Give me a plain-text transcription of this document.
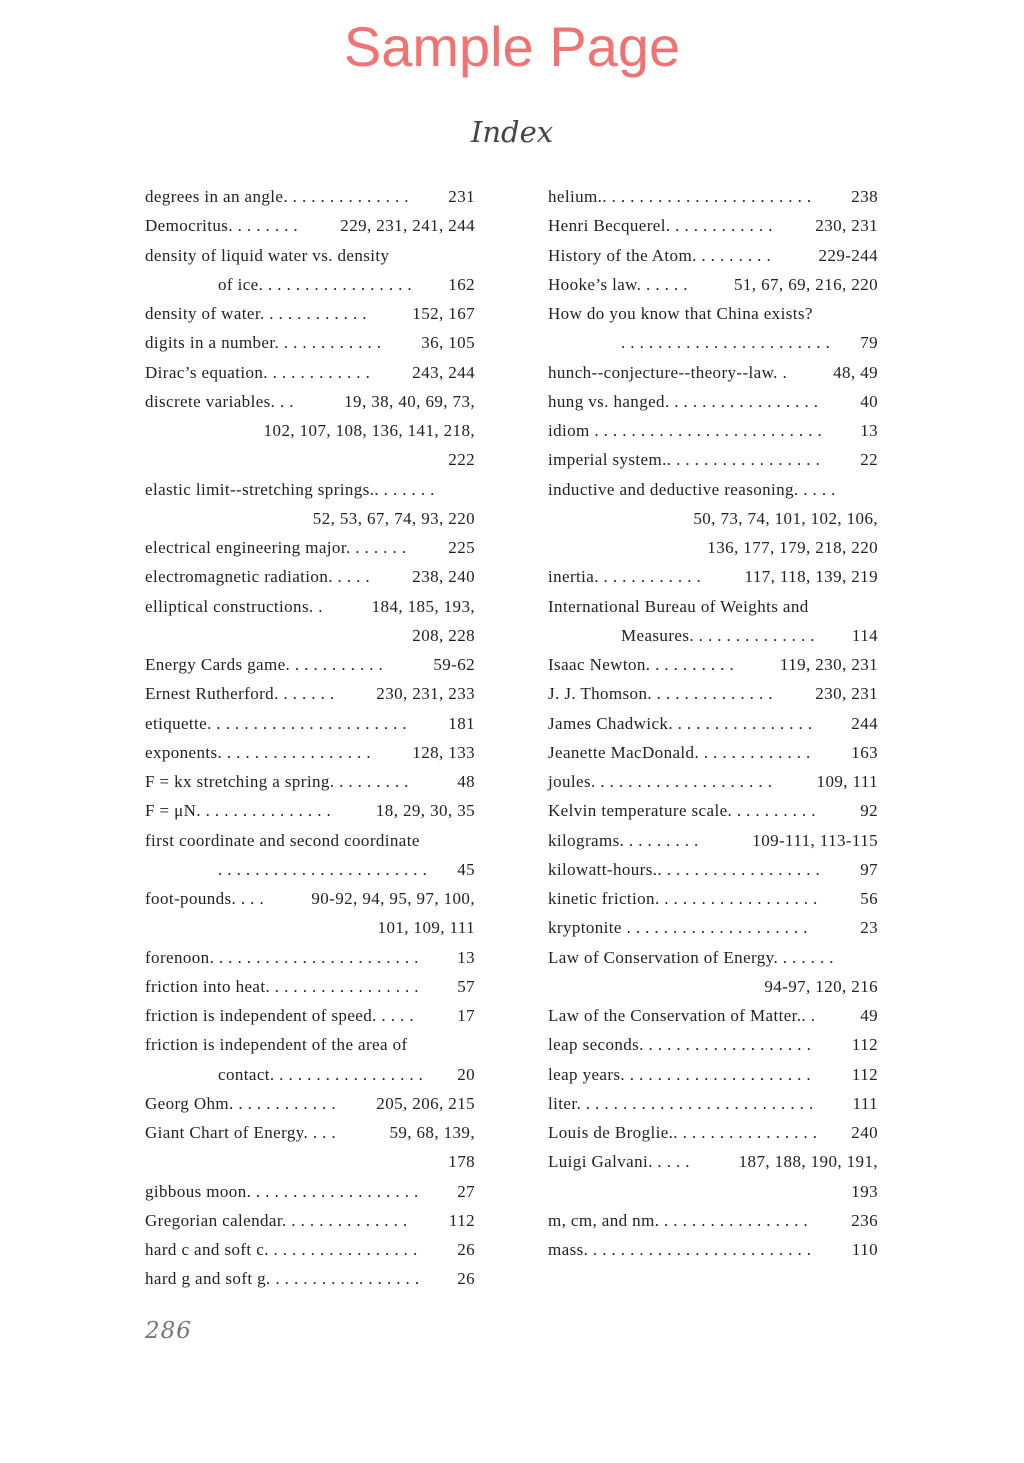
Sample Page
Index
degrees in an angle. . . . . . . . . . . . . . 231
Democritus. . . . . . . . 229, 231, 241, 244
density of liquid water vs. density
of ice. . . . . . . . . . . . . . . . . 162
density of water. . . . . . . . . . . .	152, 167
digits in a number. . . . . . . . . . . . 36, 105
Dirac’s equation. . . . . . . . . . . . 243, 244
discrete variables. . .	19, 38, 40, 69, 73,
102, 107, 108, 136, 141, 218,
222
elastic limit--stretching springs.. . . . . . .
52, 53, 67, 74, 93, 220
electrical engineering major. . . . . . . 225
electromagnetic radiation. . . . . 238, 240
elliptical constructions. .	184, 185, 193,
208, 228
Energy Cards game. . . . . . . . . . .	59-62
Ernest Rutherford. . . . . . . 230, 231, 233
etiquette. . . . . . . . . . . . . . . . . . . . . . 181
exponents. . . . . . . . . . . . . . . . . 128, 133
F = kx stretching a spring. . . . . . . . .	48
F = μN. . . . . . . . . . . . . . .	18, 29, 30, 35
first coordinate and second coordinate
. . . . . . . . . . . . . . . . . . . . . . . 45
foot-pounds. . . .	90-92, 94, 95, 97, 100,
101, 109, 111
forenoon. . . . . . . . . . . . . . . . . . . . . . . 13
friction into heat. . . . . . . . . . . . . . . . . 57
friction is independent of speed. . . . .	17
friction is independent of the area of
contact. . . . . . . . . . . . . . . . . 20
Georg Ohm. . . . . . . . . . . . 205, 206, 215
Giant Chart of Energy. . . .	59, 68, 139,
178
gibbous moon. . . . . . . . . . . . . . . . . . . 27
Gregorian calendar. . . . . . . . . . . . . . 112
hard c and soft c. . . . . . . . . . . . . . . . . 26
hard g and soft g. . . . . . . . . . . . . . . . . 26
helium.. . . . . . . . . . . . . . . . . . . . . . . 238
Henri Becquerel. . . . . . . . . . . . 230, 231
History of the Atom. . . . . . . . .	229-244
Hooke’s law. . . . . .	51, 67, 69, 216, 220
How do you know that China exists?
. . . . . . . . . . . . . . . . . . . . . . . 79
hunch--conjecture--theory--law. .	48, 49
hung vs. hanged. . . . . . . . . . . . . . . . . 40
idiom . . . . . . . . . . . . . . . . . . . . . . . . . 13
imperial system.. . . . . . . . . . . . . . . . . 22
inductive and deductive reasoning. . . . .
50, 73, 74, 101, 102, 106,
136, 177, 179, 218, 220
inertia. . . . . . . . . . . .	117, 118, 139, 219
International Bureau of Weights and
Measures. . . . . . . . . . . . . . 114
Isaac Newton. . . . . . . . . .	119, 230, 231
J. J. Thomson. . . . . . . . . . . . . . 230, 231
James Chadwick. . . . . . . . . . . . . . . . 244
Jeanette MacDonald. . . . . . . . . . . . . 163
joules. . . . . . . . . . . . . . . . . . . .	109, 111
Kelvin temperature scale. . . . . . . . . .	92
kilograms. . . . . . . . .	109-111, 113-115
kilowatt-hours.. . . . . . . . . . . . . . . . . . 97
kinetic friction. . . . . . . . . . . . . . . . . . 56
kryptonite . . . . . . . . . . . . . . . . . . . .	23
Law of Conservation of Energy. . . . . . .
94-97, 120, 216
Law of the Conservation of Matter.. .	49
leap seconds. . . . . . . . . . . . . . . . . . . 112
leap years. . . . . . . . . . . . . . . . . . . . . 112
liter. . . . . . . . . . . . . . . . . . . . . . . . . . 111
Louis de Broglie.. . . . . . . . . . . . . . . . 240
Luigi Galvani. . . . .	187, 188, 190, 191,
193
m, cm, and nm. . . . . . . . . . . . . . . . .	236
mass. . . . . . . . . . . . . . . . . . . . . . . . . 110
286
